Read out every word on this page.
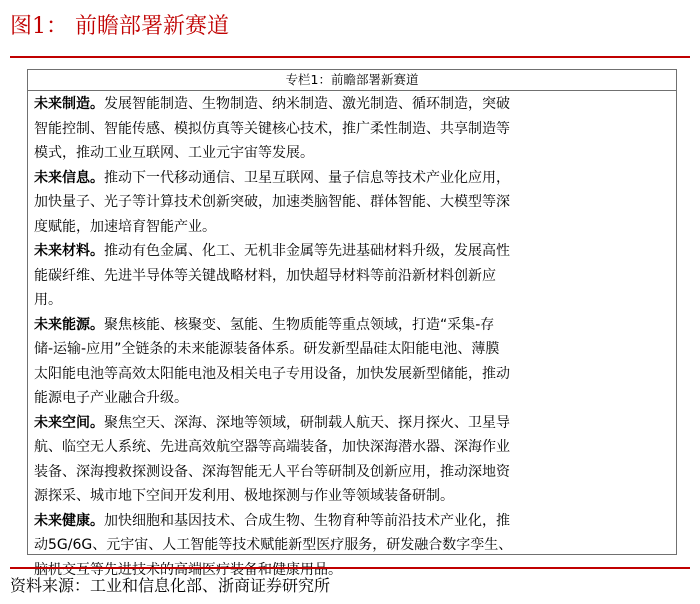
图1： 前瞻部署新赛道
专栏1：前瞻部署新赛道
未来制造。发展智能制造、生物制造、纳米制造、激光制造、循环制造，突破
智能控制、智能传感、模拟仿真等关键核心技术，推广柔性制造、共享制造等
模式，推动工业互联网、工业元宇宙等发展。
未来信息。推动下一代移动通信、卫星互联网、量子信息等技术产业化应用，
加快量子、光子等计算技术创新突破，加速类脑智能、群体智能、大模型等深
度赋能，加速培育智能产业。
未来材料。推动有色金属、化工、无机非金属等先进基础材料升级，发展高性
能碳纤维、先进半导体等关键战略材料，加快超导材料等前沿新材料创新应
用。
未来能源。聚焦核能、核聚变、氢能、生物质能等重点领域，打造“采集-存
储-运输-应用”全链条的未来能源装备体系。研发新型晶硅太阳能电池、薄膜
太阳能电池等高效太阳能电池及相关电子专用设备，加快发展新型储能，推动
能源电子产业融合升级。
未来空间。聚焦空天、深海、深地等领域，研制载人航天、探月探火、卫星导
航、临空无人系统、先进高效航空器等高端装备，加快深海潜水器、深海作业
装备、深海搜救探测设备、深海智能无人平台等研制及创新应用，推动深地资
源探采、城市地下空间开发利用、极地探测与作业等领域装备研制。
未来健康。加快细胞和基因技术、合成生物、生物育种等前沿技术产业化，推
动5G/6G、元宇宙、人工智能等技术赋能新型医疗服务，研发融合数字孪生、
脑机交互等先进技术的高端医疗装备和健康用品。
资料来源：工业和信息化部、浙商证券研究所
